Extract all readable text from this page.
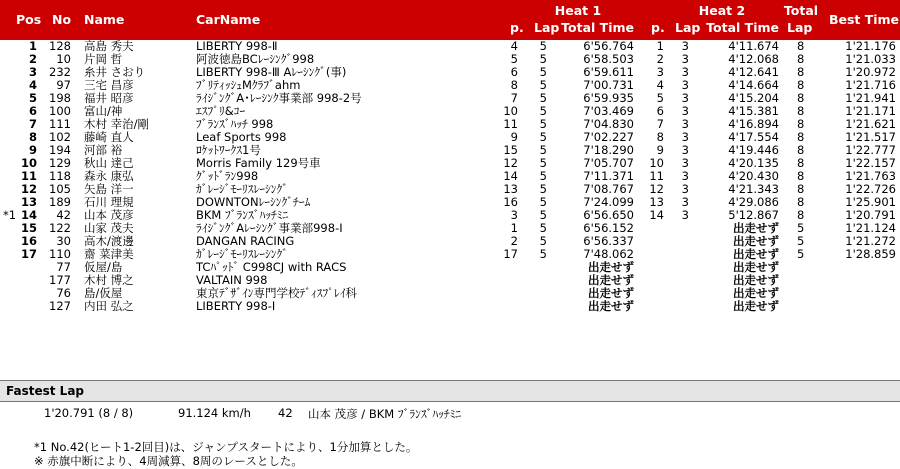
Pos No Name	CarName
Heat 1	Heat 2	Total
Best Time
p. Lap Total Time p. Lap Total Time Lap
1 128 高島 秀夫	LIBERTY 998-Ⅱ	4 5	6'56.764 1 3	4'11.674 8	1'21.176
2 10 片岡 哲	阿波徳島BCﾚｰｼﾝｸﾞ998	5 5	6'58.503 2 3	4'12.068 8	1'21.033
3 232 糸井 さおり	LIBERTY 998-Ⅲ Aﾚｰｼﾝｸﾞ(事)	6 5	6'59.611 3 3	4'12.641 8	1'20.972
4 97 三宅 昌彦	ﾌﾞﾘﾃｨｯｼｭMｸﾗﾌﾞahm	8 5	7'00.731 4 3	4'14.664 8	1'21.716
5 198 福井 昭彦	ﾗｲｼﾞﾝｸﾞA･ﾚｰｼﾝｸ事業部 998-2号	7 5	6'59.935 5 3	4'15.204 8	1'21.941
6 100 富山/神	ｴｽﾌﾟﾘ&ｺｰ	10 5	7'03.469 6 3	4'15.381 8	1'21.171
7 111 木村 幸治/剛	ﾌﾞﾗﾝｽﾞﾊｯﾁ 998	11 5	7'04.830 7 3	4'16.894 8	1'21.621
8 102 藤崎 直人	Leaf Sports 998	9 5	7'02.227 8 3	4'17.554 8	1'21.517
9 194 河部 裕	ﾛｹｯﾄﾜｰｸｽ1号	15 5	7'18.290 9 3	4'19.446 8	1'22.777
10 129 秋山 達己	Morris Family 129号車	12 5	7'05.707 10 3	4'20.135 8	1'22.157
11 118 森永 康弘	ｸﾞｯﾄﾞﾗﾝ998	14 5	7'11.371 11 3	4'20.430 8	1'21.763
12 105 矢島 洋一	ｶﾞﾚｰｼﾞﾓｰﾘｽﾚｰｼﾝｸﾞ	13 5	7'08.767 12 3	4'21.343 8	1'22.726
13 189 石川 理規	DOWNTONﾚｰｼﾝｸﾞﾁｰﾑ	16 5	7'24.099 13 3	4'29.086 8	1'25.901
*1 14 42 山本 茂彦	BKM ﾌﾞﾗﾝｽﾞﾊｯﾁﾐﾆ	3 5	6'56.650 14 3	5'12.867 8	1'20.791
15 122 山家 茂夫	ﾗｲｼﾞﾝｸﾞAﾚｰｼﾝｸﾞ事業部998-Ⅰ	1 5	6'56.152	出走せず 5	1'21.124
16 30 高木/渡邊	DANGAN RACING	2 5	6'56.337	出走せず 5	1'21.272
17 110 齋 菜津美	ｶﾞﾚｰｼﾞﾓｰﾘｽﾚｰｼﾝｸﾞ	17 5	7'48.062	出走せず 5	1'28.859
77 仮屋/島	TCﾊﾟｯﾄﾞ C998CJ with RACS	出走せず	出走せず
177 木村 博之	VALTAIN 998	出走せず	出走せず
76 島/仮屋	東京ﾃﾞｻﾞｲﾝ専門学校ﾃﾞｨｽﾌﾟﾚｲ科	出走せず	出走せず
127 内田 弘之	LIBERTY 998-Ⅰ	出走せず	出走せず
Fastest Lap
1'20.791 (8 / 8)	91.124 km/h 42 山本 茂彦 / BKM ﾌﾞﾗﾝｽﾞﾊｯﾁﾐﾆ
*1 No.42(ヒート1-2回目)は、ジャンプスタートにより、1分加算とした。
※ 赤旗中断により、4周減算、8周のレースとした。
